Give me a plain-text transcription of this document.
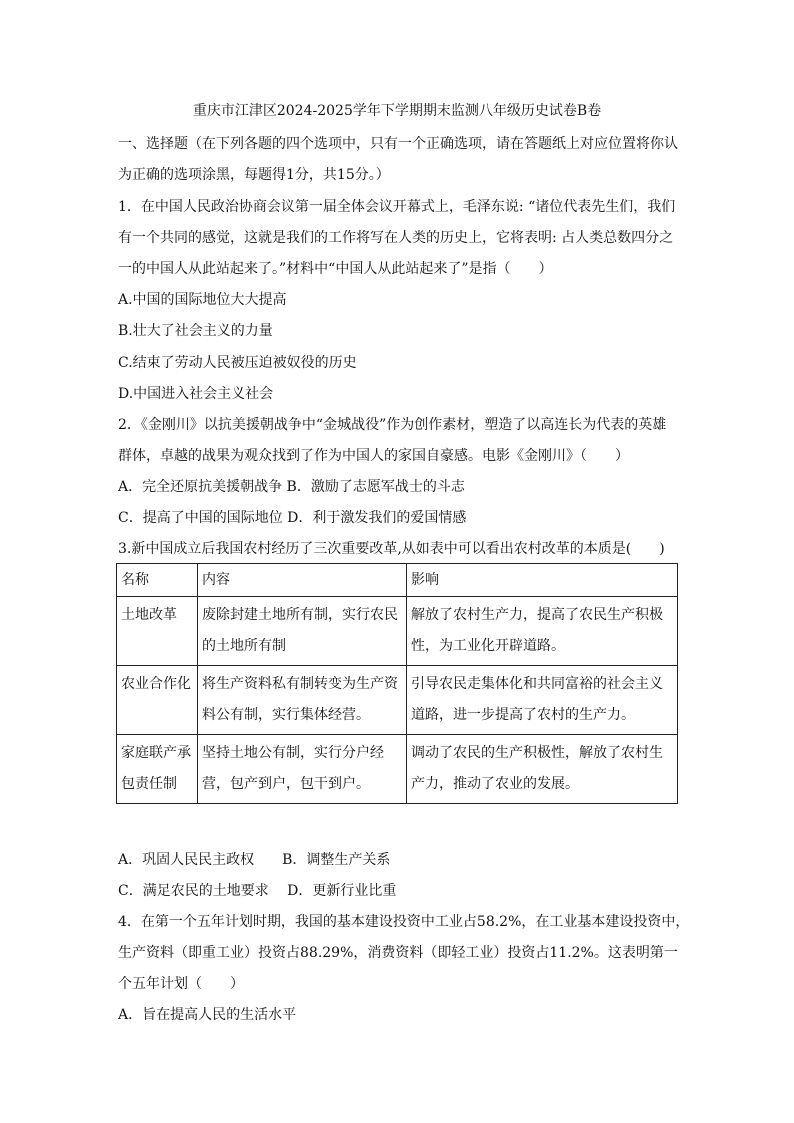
重庆市江津区2024-2025学年下学期期末监测八年级历史试卷B卷
一、选择题（在下列各题的四个选项中，只有一个正确选项，请在答题纸上对应位置将你认
为正确的选项涂黑，每题得1分，共15分。）
1．在中国人民政治协商会议第一届全体会议开幕式上，毛泽东说: “诸位代表先生们，我们
有一个共同的感觉，这就是我们的工作将写在人类的历史上，它将表明: 占人类总数四分之
一的中国人从此站起来了。”材料中“中国人从此站起来了”是指（　　）
A.中国的国际地位大大提高
B.壮大了社会主义的力量
C.结束了劳动人民被压迫被奴役的历史
D.中国进入社会主义社会
2．《金刚川》以抗美援朝战争中“金城战役”作为创作素材，塑造了以高连长为代表的英雄
群体，卓越的战果为观众找到了作为中国人的家国自豪感。电影《金刚川》（　　）
A．完全还原抗美援朝战争 B．激励了志愿军战士的斗志
C．提高了中国的国际地位 D．利于激发我们的爱国情感
3.新中国成立后我国农村经历了三次重要改革,从如表中可以看出农村改革的本质是(　　)
名称	内容	影响
土地改革	废除封建土地所有制，实行农民的土地所有制	解放了农村生产力，提高了农民生产积极性，为工业化开辟道路。
农业合作化	将生产资料私有制转变为生产资料公有制，实行集体经营。	引导农民走集体化和共同富裕的社会主义道路，进一步提高了农村的生产力。
家庭联产承包责任制	坚持土地公有制，实行分户经营，包产到户，包干到户。	调动了农民的生产积极性，解放了农村生产力，推动了农业的发展。
A．巩固人民民主政权　　B．调整生产关系
C．满足农民的土地要求　 D．更新行业比重
4．在第一个五年计划时期，我国的基本建设投资中工业占58.2%，在工业基本建设投资中，
生产资料（即重工业）投资占88.29%，消费资料（即轻工业）投资占11.2%。这表明第一
个五年计划（　　）
A．旨在提高人民的生活水平
